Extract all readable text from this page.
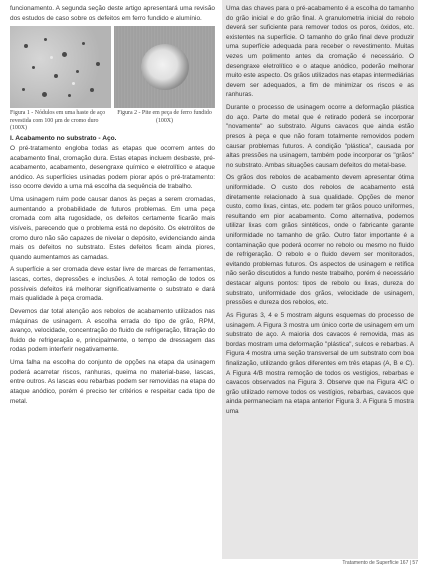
funcionamento. A segunda seção deste artigo apresentará uma revisão dos estudos de caso sobre os defeitos em ferro fundido e alumínio.

Figura 1 - Nódulos em uma haste de aço revestida com 100 µm de cromo duro (100X)
Figura 2 - Pite em peça de ferro fundido (100X)
I. Acabamento no substrato - Aço.

O pré-tratamento engloba todas as etapas que ocorrem antes do acabamento final, cromação dura. Estas etapas incluem desbaste, pré-acabamento, acabamento, desengraxe químico e eletrolítico e ataque anódico. As superfícies usinadas podem piorar após o pré-tratamento: isso ocorre devido a uma má escolha da sequência de trabalho.

Uma usinagem ruim pode causar danos às peças a serem cromadas, aumentando a probabilidade de futuros problemas. Em uma peça cromada com alta rugosidade, os defeitos certamente ficarão mais visíveis, parecendo que o problema está no depósito. Os eletrólitos de cromo duro não são capazes de nivelar o depósito, evidenciando ainda mais os defeitos no substrato. Estes defeitos ficam ainda piores, quando aumentamos as camadas.

A superfície a ser cromada deve estar livre de marcas de ferramentas, lascas, cortes, depressões e inclusões. A total remoção de todos os possíveis defeitos irá melhorar significativamente o substrato e dará mais qualidade à peça cromada.

Devemos dar total atenção aos rebolos de acabamento utilizados nas máquinas de usinagem. A escolha errada do tipo de grão, RPM, avanço, velocidade, concentração do fluido de refrigeração, filtração do fluido de refrigeração e, principalmente, o tempo de dressagem das rodas podem interferir negativamente.

Uma falha na escolha do conjunto de opções na etapa da usinagem poderá acarretar riscos, ranhuras, queima no material-base, lascas, entre outros. As lascas eou rebarbas podem ser removidas na etapa do ataque anódico, porém é preciso ter critérios e respeitar cada tipo de metal.

Uma das chaves para o pré-acabamento é a escolha do tamanho do grão inicial e do grão final. A granulometria inicial do rebolo deverá ser suficiente para remover todos os poros, óxidos, etc. existentes na superfície. O tamanho do grão final deve produzir uma superfície adequada para receber o revestimento. Muitas vezes um polimento antes da cromação é necessário. O desengraxe eletrolítico e o ataque anódico, poderão melhorar muito este aspecto. Os grãos utilizados nas etapas intermediárias devem ser adequados, a fim de minimizar os riscos e as ranhuras.

Durante o processo de usinagem ocorre a deformação plástica do aço. Parte do metal que é retirado poderá se incorporar "novamente" ao substrato. Alguns cavacos que ainda estão presos à peça e que não foram totalmente removidos podem causar problemas futuros. A condição "plástica", causada por altas pressões na usinagem, também pode incorporar os "grãos" no substrato. Ambas situações causam defeitos do metal-base.

Os grãos dos rebolos de acabamento devem apresentar ótima uniformidade. O custo dos rebolos de acabamento está diretamente relacionado à sua qualidade. Opções de menor custo, como lixas, cintas, etc. podem ter grãos pouco uniformes, resultando em pior acabamento. Como alternativa, podemos utilizar lixas com grãos sintéticos, onde o fabricante garante uniformidade no tamanho de grão. Outro fator importante é a contaminação que poderá ocorrer no rebolo ou mesmo no fluido de refrigeração. O rebolo e o fluido devem ser monitorados, evitando problemas futuros. Os aspectos de usinagem e retífica não serão discutidos a fundo neste trabalho, porém é necessário destacar alguns pontos: tipos de rebolo ou lixas, dureza do substrato, uniformidade dos grãos, velocidade de usinagem, pressões e dureza dos rebolos, etc.

As Figuras 3, 4 e 5 mostram alguns esquemas do processo de usinagem. A Figura 3 mostra um único corte de usinagem em um substrato de aço. A maioria dos cavacos é removida, mas as bordas mostram uma deformação "plástica", sulcos e rebarbas. A Figura 4 mostra uma seção transversal de um substrato com boa finalização, utilizando grãos diferentes em três etapas (A, B e C). A Figura 4/B mostra remoção de todos os vestígios, rebarbas e cavacos observados na Figura 3. Observe que na Figura 4/C o grão utilizado remove todos os vestígios, rebarbas, cavacos que ainda permaneciam na etapa anterior Figura 3. A Figura 5 mostra uma

Tratamento de Superfície 167 | 57
